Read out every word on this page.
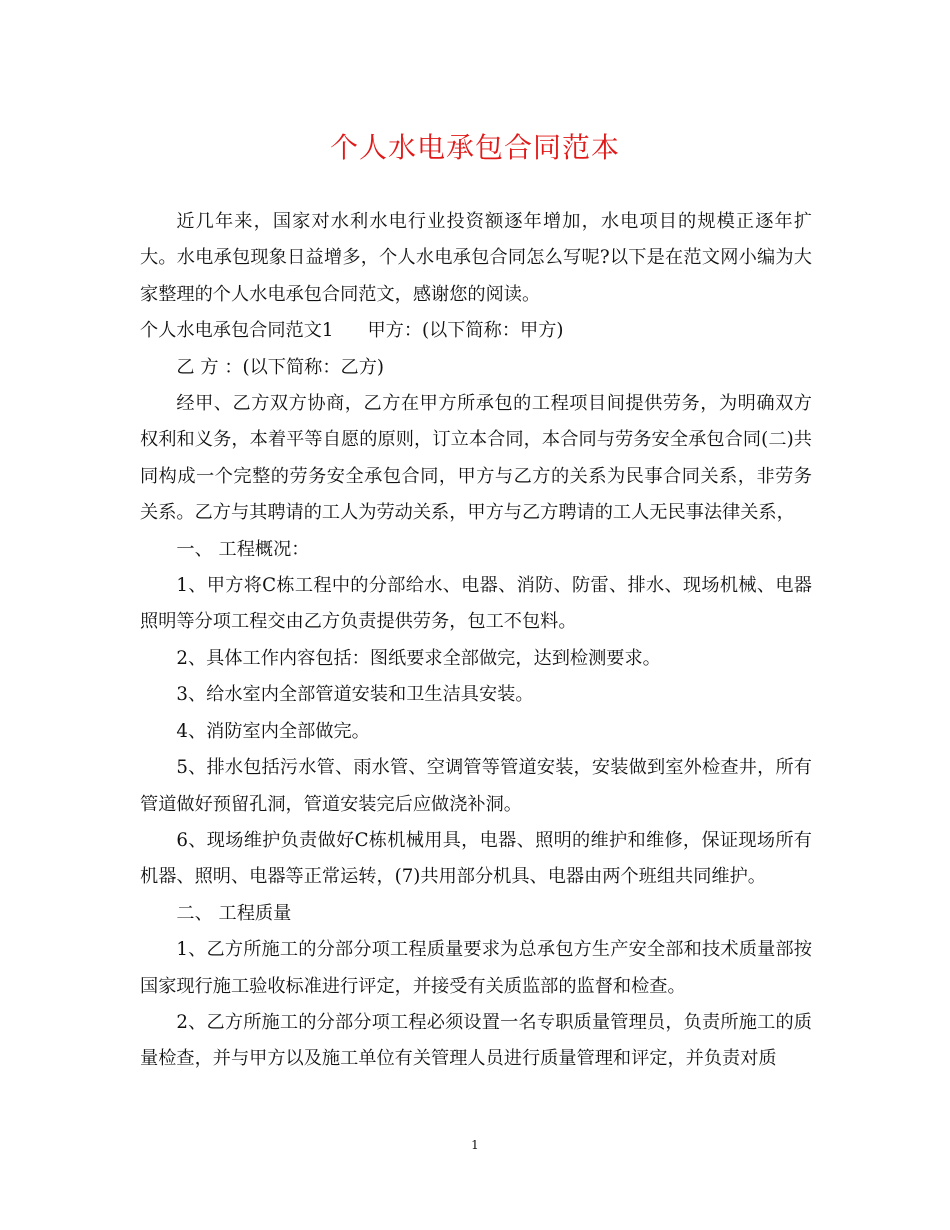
个人水电承包合同范本

近几年来，国家对水利水电行业投资额逐年增加，水电项目的规模正逐年扩大。水电承包现象日益增多，个人水电承包合同怎么写呢?以下是在范文网小编为大家整理的个人水电承包合同范文，感谢您的阅读。

个人水电承包合同范文1 甲方：(以下简称：甲方)

乙 方 ：(以下简称：乙方)

经甲、乙方双方协商，乙方在甲方所承包的工程项目间提供劳务，为明确双方权利和义务，本着平等自愿的原则，订立本合同，本合同与劳务安全承包合同(二)共同构成一个完整的劳务安全承包合同，甲方与乙方的关系为民事合同关系，非劳务关系。乙方与其聘请的工人为劳动关系，甲方与乙方聘请的工人无民事法律关系，

一、 工程概况：

1、甲方将C栋工程中的分部给水、电器、消防、防雷、排水、现场机械、电器照明等分项工程交由乙方负责提供劳务，包工不包料。

2、具体工作内容包括：图纸要求全部做完，达到检测要求。

3、给水室内全部管道安装和卫生洁具安装。

4、消防室内全部做完。

5、排水包括污水管、雨水管、空调管等管道安装，安装做到室外检查井，所有管道做好预留孔洞，管道安装完后应做浇补洞。

6、现场维护负责做好C栋机械用具，电器、照明的维护和维修，保证现场所有机器、照明、电器等正常运转，(7)共用部分机具、电器由两个班组共同维护。

二、 工程质量

1、乙方所施工的分部分项工程质量要求为总承包方生产安全部和技术质量部按国家现行施工验收标准进行评定，并接受有关质监部的监督和检查。

2、乙方所施工的分部分项工程必须设置一名专职质量管理员，负责所施工的质量检查，并与甲方以及施工单位有关管理人员进行质量管理和评定，并负责对质

1
